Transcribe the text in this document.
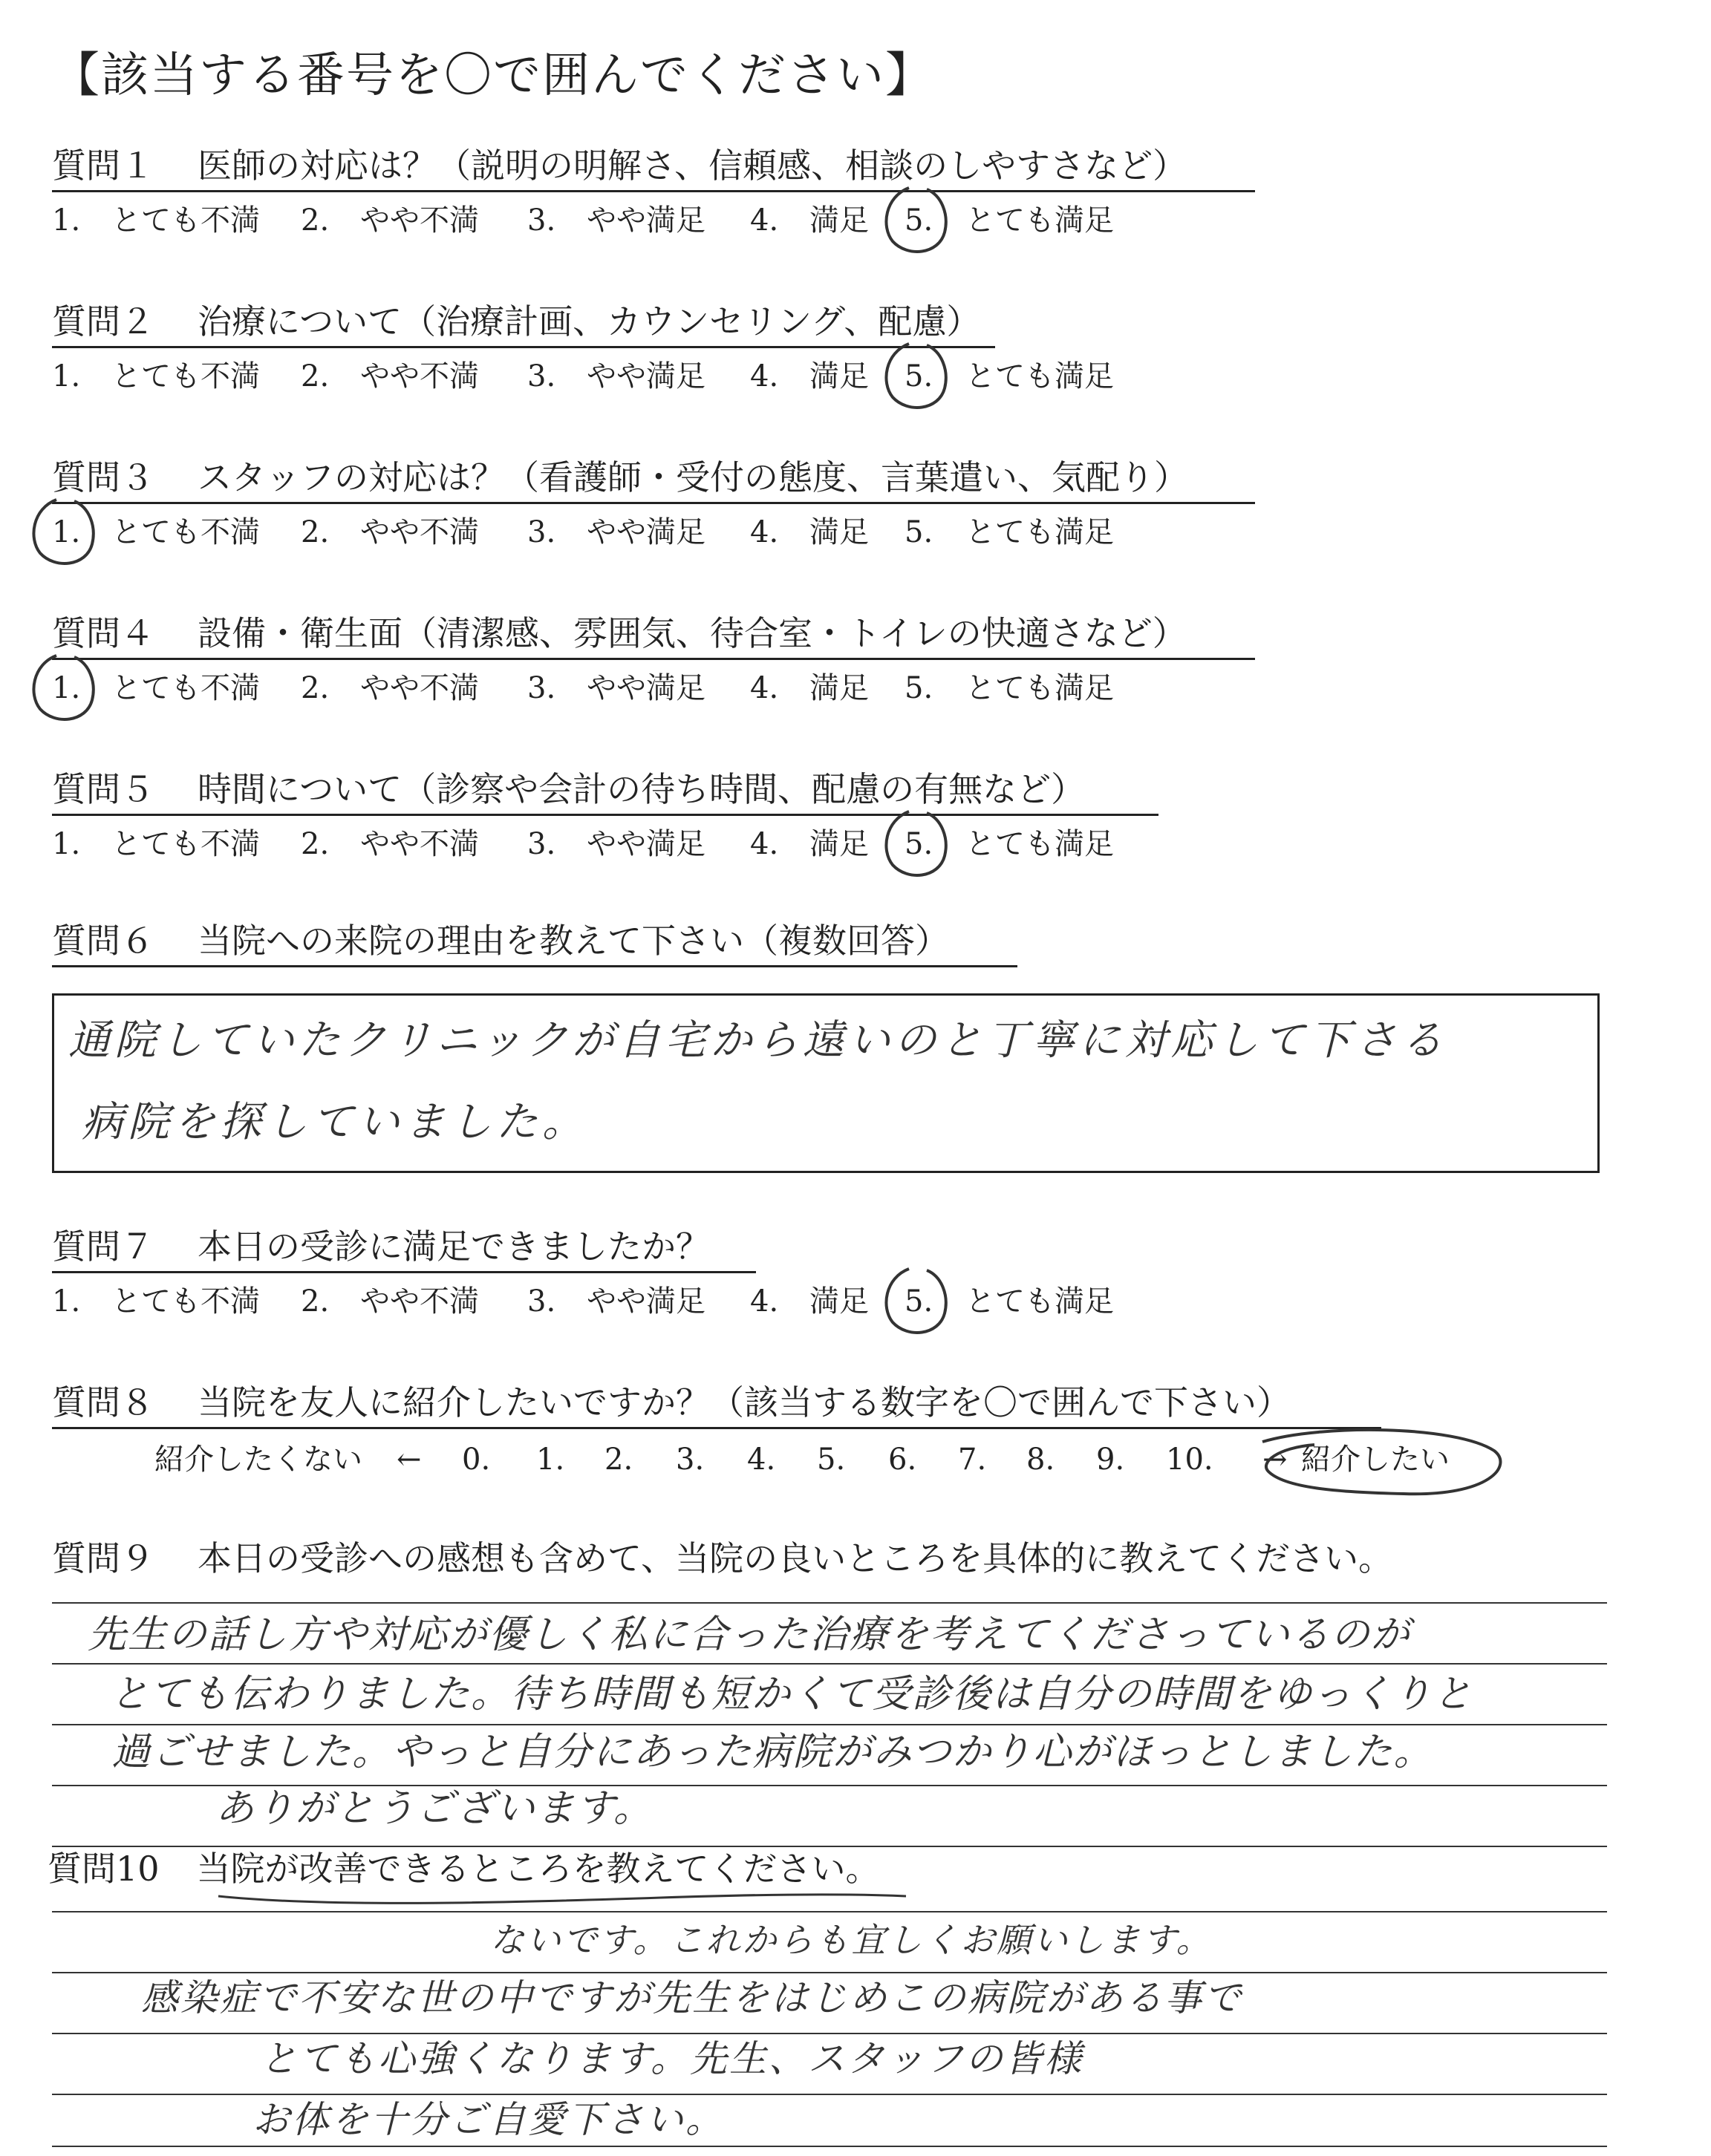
【該当する番号を〇で囲んでください】
質問１ 医師の対応は？（説明の明解さ、信頼感、相談のしやすさなど）
質問２ 治療について（治療計画、カウンセリング、配慮）
質問３ スタッフの対応は？（看護師・受付の態度、言葉遣い、気配り）
質問４ 設備・衛生面（清潔感、雰囲気、待合室・トイレの快適さなど）
質問５ 時間について（診察や会計の待ち時間、配慮の有無など）
質問６ 当院への来院の理由を教えて下さい（複数回答）
通院していたクリニックが自宅から遠いのと丁寧に対応して下さる
病院を探していました。
質問７ 本日の受診に満足できましたか？
質問８ 当院を友人に紹介したいですか？（該当する数字を〇で囲んで下さい）
紹介したくない ← 0. 1. 2. 3. 4. 5. 6. 7. 8. 9. 10. → 紹介したい
質問９ 本日の受診への感想も含めて、当院の良いところを具体的に教えてください。
先生の話し方や対応が優しく私に合った治療を考えてくださっているのが
とても伝わりました。待ち時間も短かくて受診後は自分の時間をゆっくりと
過ごせました。やっと自分にあった病院がみつかり心がほっとしました。
ありがとうございます。
質問10 当院が改善できるところを教えてください。
ないです。これからも宜しくお願いします。
感染症で不安な世の中ですが先生をはじめこの病院がある事で
とても心強くなります。先生、スタッフの皆様
お体を十分ご自愛下さい。
1. とても不満 2. やや不満 3. やや満足 4. 満足 5. とても満足
1. とても不満 2. やや不満 3. やや満足 4. 満足 5. とても満足
1. とても不満 2. やや不満 3. やや満足 4. 満足 5. とても満足
1. とても不満 2. やや不満 3. やや満足 4. 満足 5. とても満足
1. とても不満 2. やや不満 3. やや満足 4. 満足 5. とても満足
1. とても不満 2. やや不満 3. やや満足 4. 満足 5. とても満足
